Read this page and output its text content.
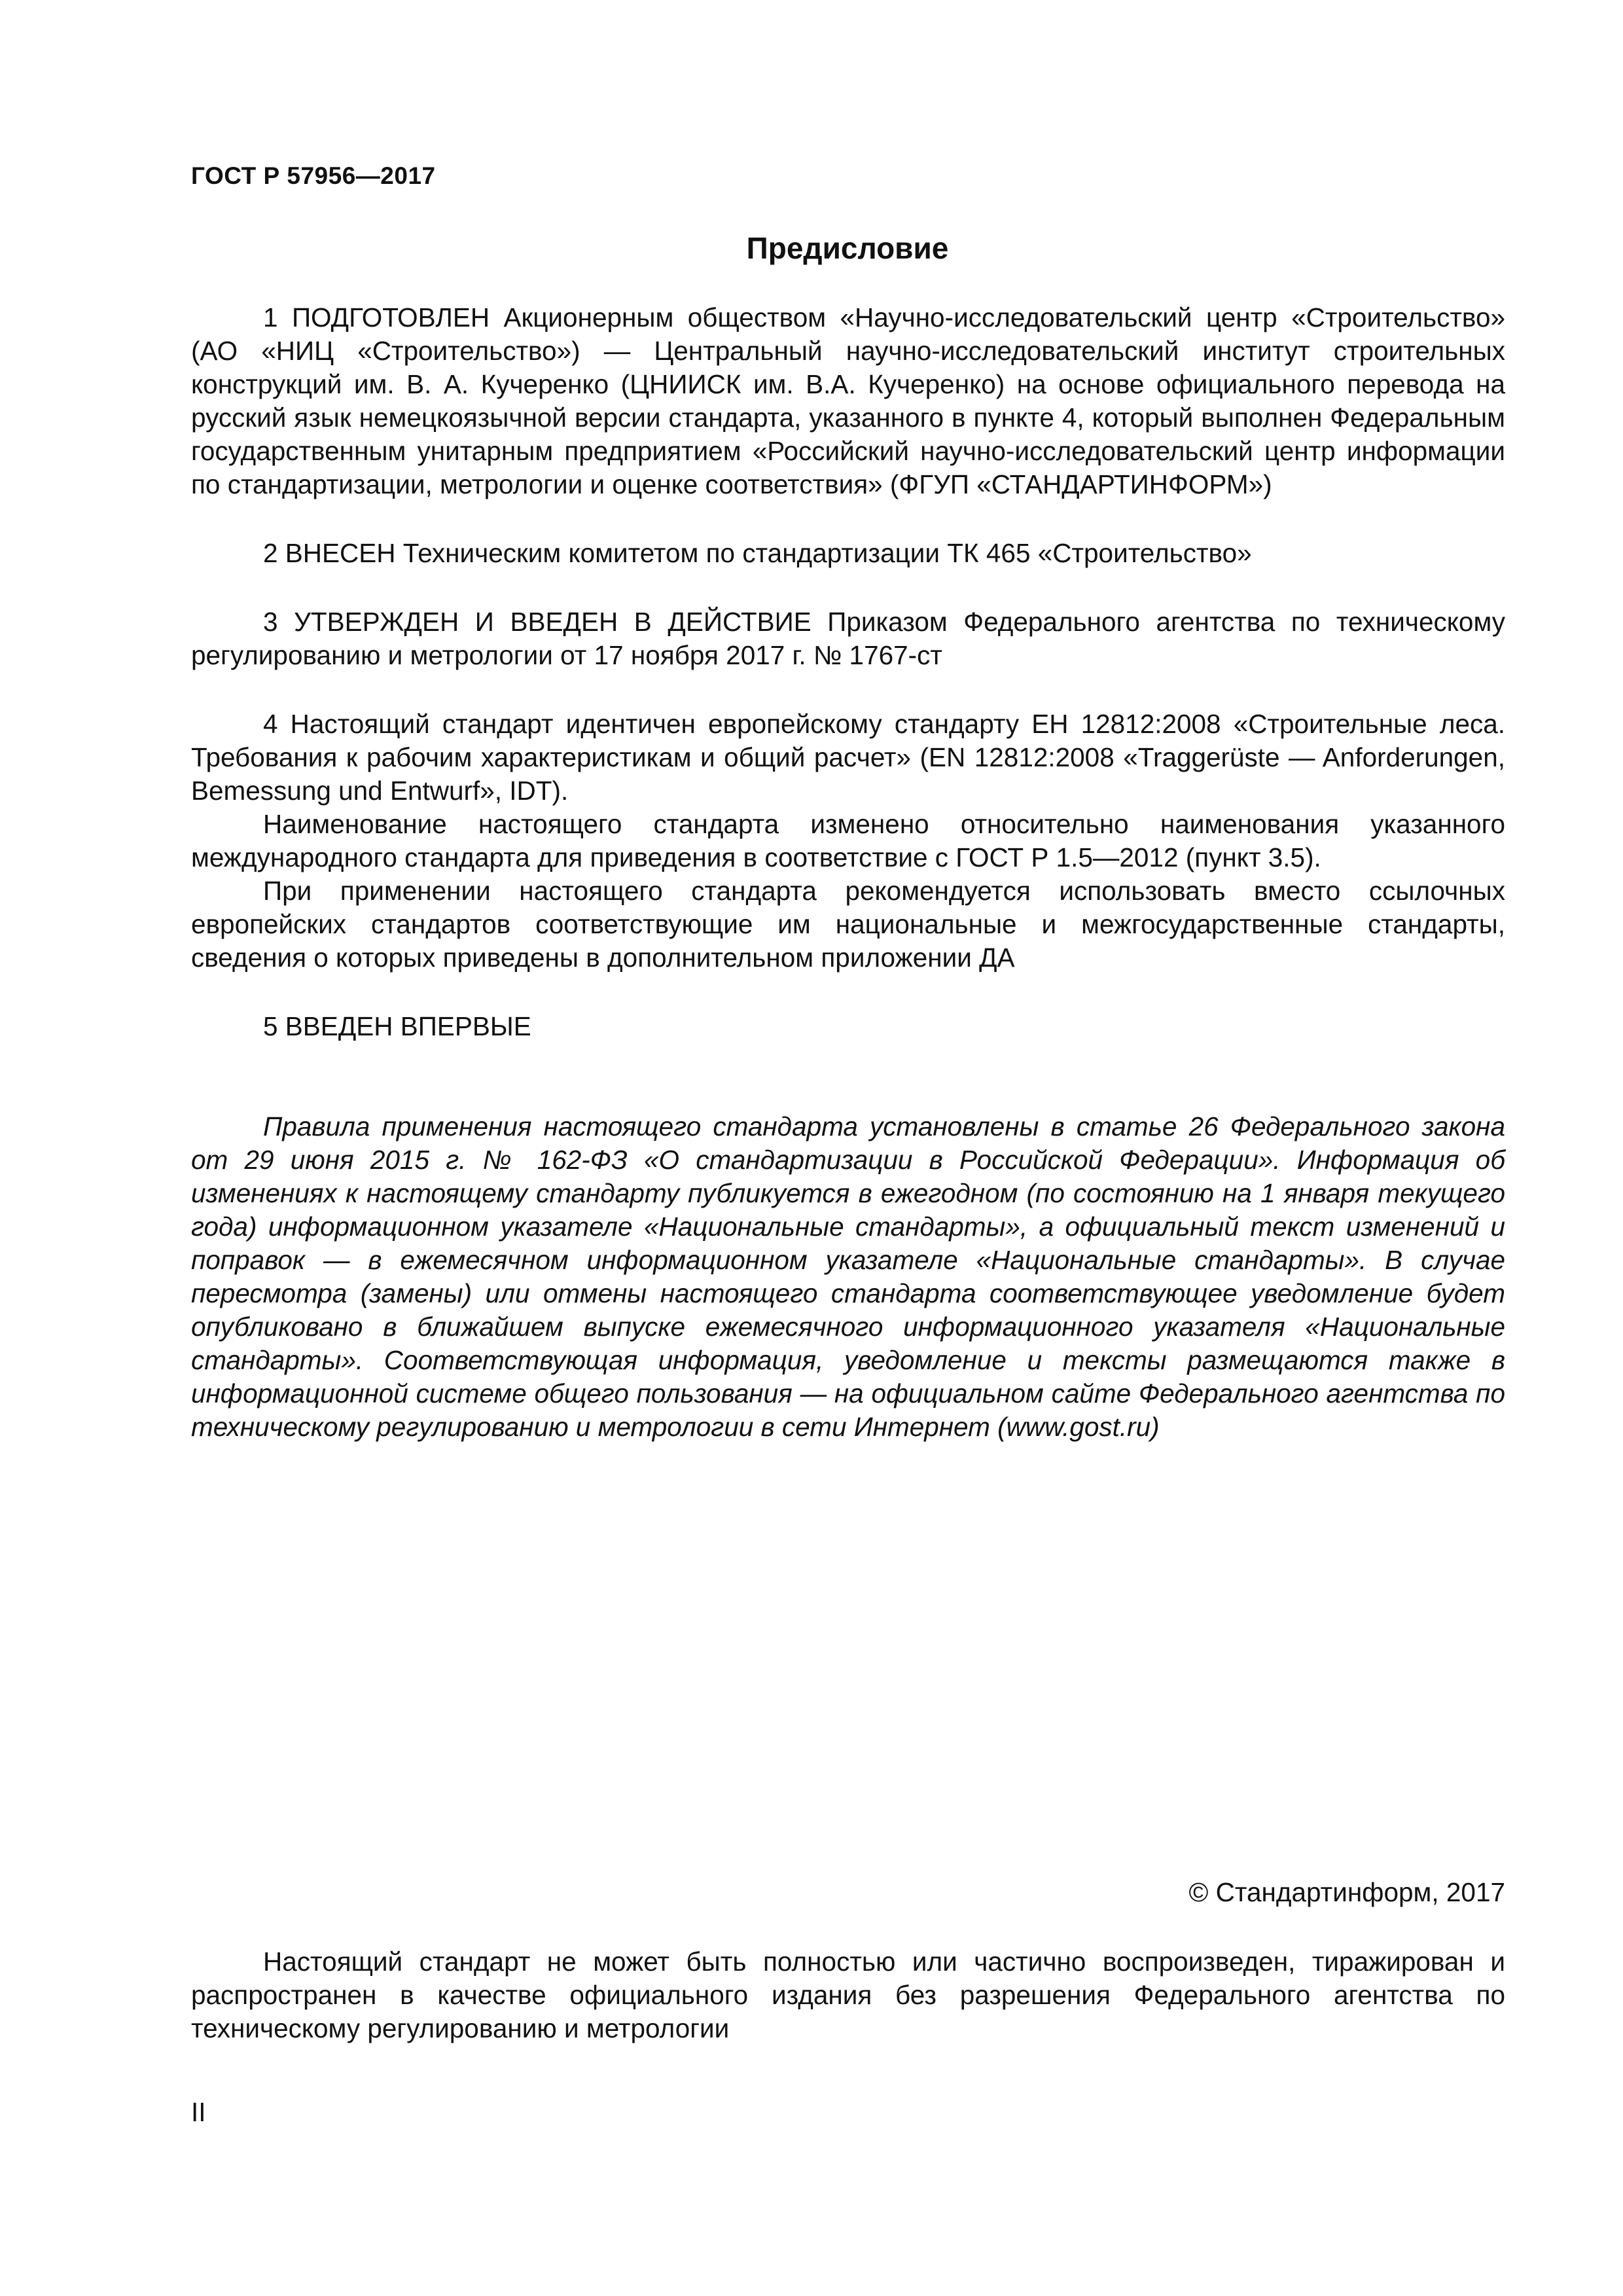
ГОСТ Р 57956—2017
Предисловие

1 ПОДГОТОВЛЕН Акционерным обществом «Научно-исследовательский центр «Строительство» (АО «НИЦ «Строительство») — Центральный научно-исследовательский институт строительных конструкций им. В. А. Кучеренко (ЦНИИСК им. В.А. Кучеренко) на основе официального перевода на русский язык немецкоязычной версии стандарта, указанного в пункте 4, который выполнен Федеральным государственным унитарным предприятием «Российский научно-исследовательский центр информации по стандартизации, метрологии и оценке соответствия» (ФГУП «СТАНДАРТИНФОРМ»)

2 ВНЕСЕН Техническим комитетом по стандартизации ТК 465 «Строительство»

3 УТВЕРЖДЕН И ВВЕДЕН В ДЕЙСТВИЕ Приказом Федерального агентства по техническому регулированию и метрологии от 17 ноября 2017 г. № 1767-ст

4 Настоящий стандарт идентичен европейскому стандарту ЕН 12812:2008 «Строительные леса. Требования к рабочим характеристикам и общий расчет» (EN 12812:2008 «Traggerüste — Anforderungen, Bemessung und Entwurf», IDT).

Наименование настоящего стандарта изменено относительно наименования указанного международного стандарта для приведения в соответствие с ГОСТ Р 1.5—2012 (пункт 3.5).

При применении настоящего стандарта рекомендуется использовать вместо ссылочных европейских стандартов соответствующие им национальные и межгосударственные стандарты, сведения о которых приведены в дополнительном приложении ДА

5 ВВЕДЕН ВПЕРВЫЕ

Правила применения настоящего стандарта установлены в статье 26 Федерального закона от 29 июня 2015 г. № 162-ФЗ «О стандартизации в Российской Федерации». Информация об изменениях к настоящему стандарту публикуется в ежегодном (по состоянию на 1 января текущего года) информационном указателе «Национальные стандарты», а официальный текст изменений и поправок — в ежемесячном информационном указателе «Национальные стандарты». В случае пересмотра (замены) или отмены настоящего стандарта соответствующее уведомление будет опубликовано в ближайшем выпуске ежемесячного информационного указателя «Национальные стандарты». Соответствующая информация, уведомление и тексты размещаются также в информационной системе общего пользования — на официальном сайте Федерального агентства по техническому регулированию и метрологии в сети Интернет (www.gost.ru)

© Стандартинформ, 2017

Настоящий стандарт не может быть полностью или частично воспроизведен, тиражирован и распространен в качестве официального издания без разрешения Федерального агентства по техническому регулированию и метрологии

II
